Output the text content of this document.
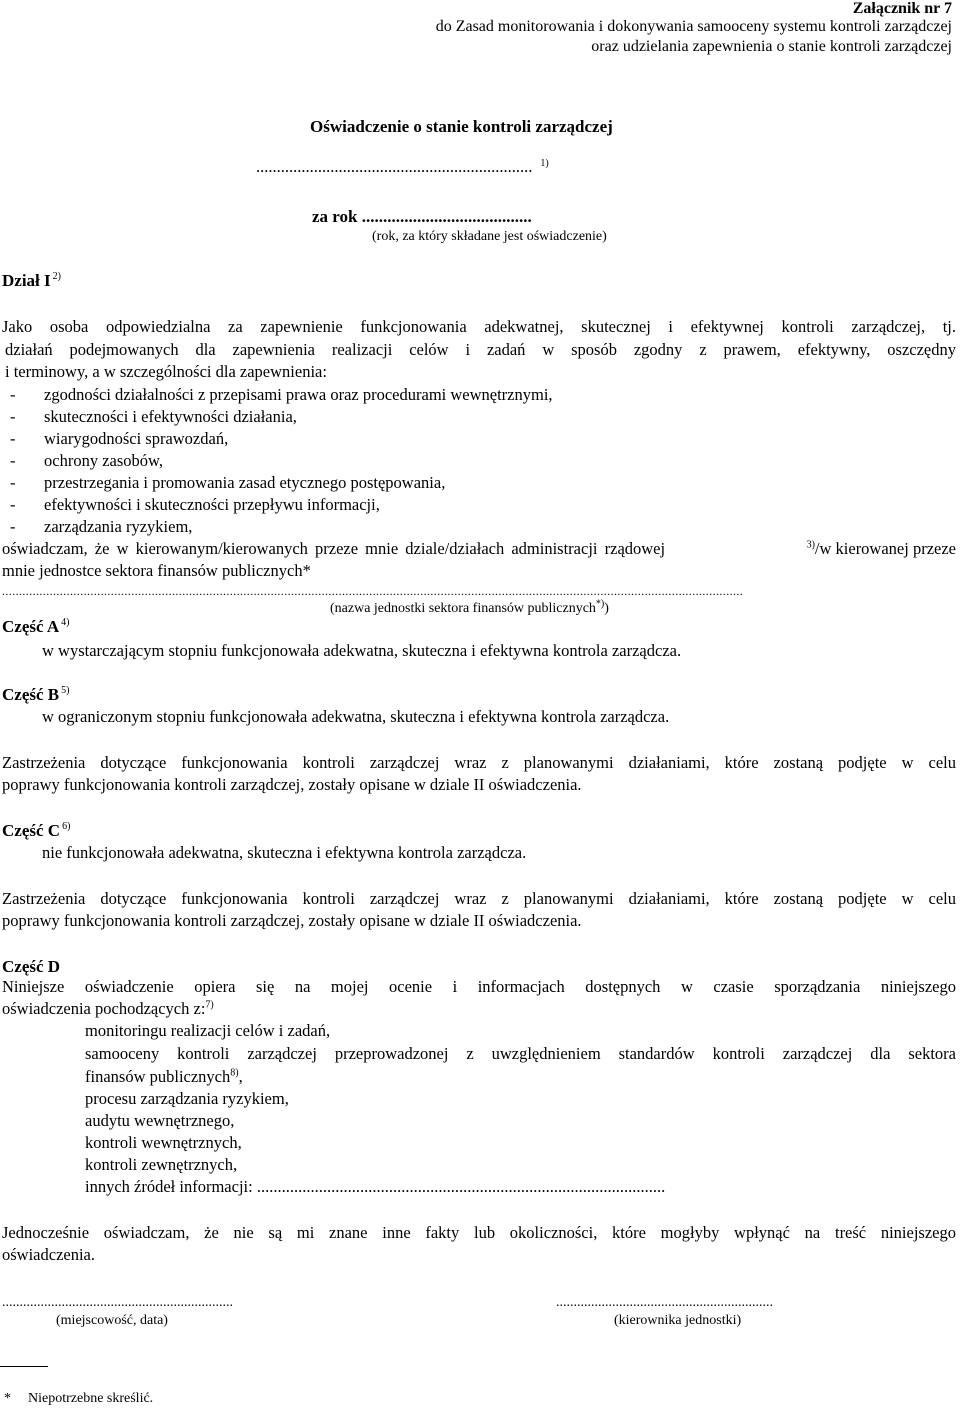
Załącznik nr 7
do Zasad monitorowania i dokonywania samooceny systemu kontroli zarządczej
oraz udzielania zapewnienia o stanie kontroli zarządczej
Oświadczenie o stanie kontroli zarządczej
................................................................... $^{1)}$
za rok ........................................
(rok, za który składane jest oświadczenie)
Dział I $^{2)}$
Jako osoba odpowiedzialna za zapewnienie funkcjonowania adekwatnej, skutecznej i efektywnej kontroli zarządczej, tj.
działań podejmowanych dla zapewnienia realizacji celów i zadań w sposób zgodny z prawem, efektywny, oszczędny
i terminowy, a w szczególności dla zapewnienia:
- zgodności działalności z przepisami prawa oraz procedurami wewnętrznymi,
- skuteczności i efektywności działania,
- wiarygodności sprawozdań,
- ochrony zasobów,
- przestrzegania i promowania zasad etycznego postępowania,
- efektywności i skuteczności przepływu informacji,
- zarządzania ryzykiem,
oświadczam, że w kierowanym/kierowanych przeze mnie dziale/działach administracji rządowej	$^{3)}$/w kierowanej przeze
mnie jednostce sektora finansów publicznych*
..........................................................................................................................................................................................................................
(nazwa jednostki sektora finansów publicznych*))
Część A $^{4)}$
w wystarczającym stopniu funkcjonowała adekwatna, skuteczna i efektywna kontrola zarządcza.
Część B $^{5)}$
w ograniczonym stopniu funkcjonowała adekwatna, skuteczna i efektywna kontrola zarządcza.
Zastrzeżenia dotyczące funkcjonowania kontroli zarządczej wraz z planowanymi działaniami, które zostaną podjęte w celu
poprawy funkcjonowania kontroli zarządczej, zostały opisane w dziale II oświadczenia.
Część C $^{6)}$
nie funkcjonowała adekwatna, skuteczna i efektywna kontrola zarządcza.
Zastrzeżenia dotyczące funkcjonowania kontroli zarządczej wraz z planowanymi działaniami, które zostaną podjęte w celu
poprawy funkcjonowania kontroli zarządczej, zostały opisane w dziale II oświadczenia.
Część D
Niniejsze oświadczenie opiera się na mojej ocenie i informacjach dostępnych w czasie sporządzania niniejszego
oświadczenia pochodzących z:$^{7)}$
monitoringu realizacji celów i zadań,
samooceny kontroli zarządczej przeprowadzonej z uwzględnieniem standardów kontroli zarządczej dla sektora
finansów publicznych$^{8)}$,
procesu zarządzania ryzykiem,
audytu wewnętrznego,
kontroli wewnętrznych,
kontroli zewnętrznych,
innych źródeł informacji: ...................................................................................................
Jednocześnie oświadczam, że nie są mi znane inne fakty lub okoliczności, które mogłyby wpłynąć na treść niniejszego
oświadczenia.
..................................................................
(miejscowość, data)
..............................................................
(kierownika jednostki)
* Niepotrzebne skreślić.
